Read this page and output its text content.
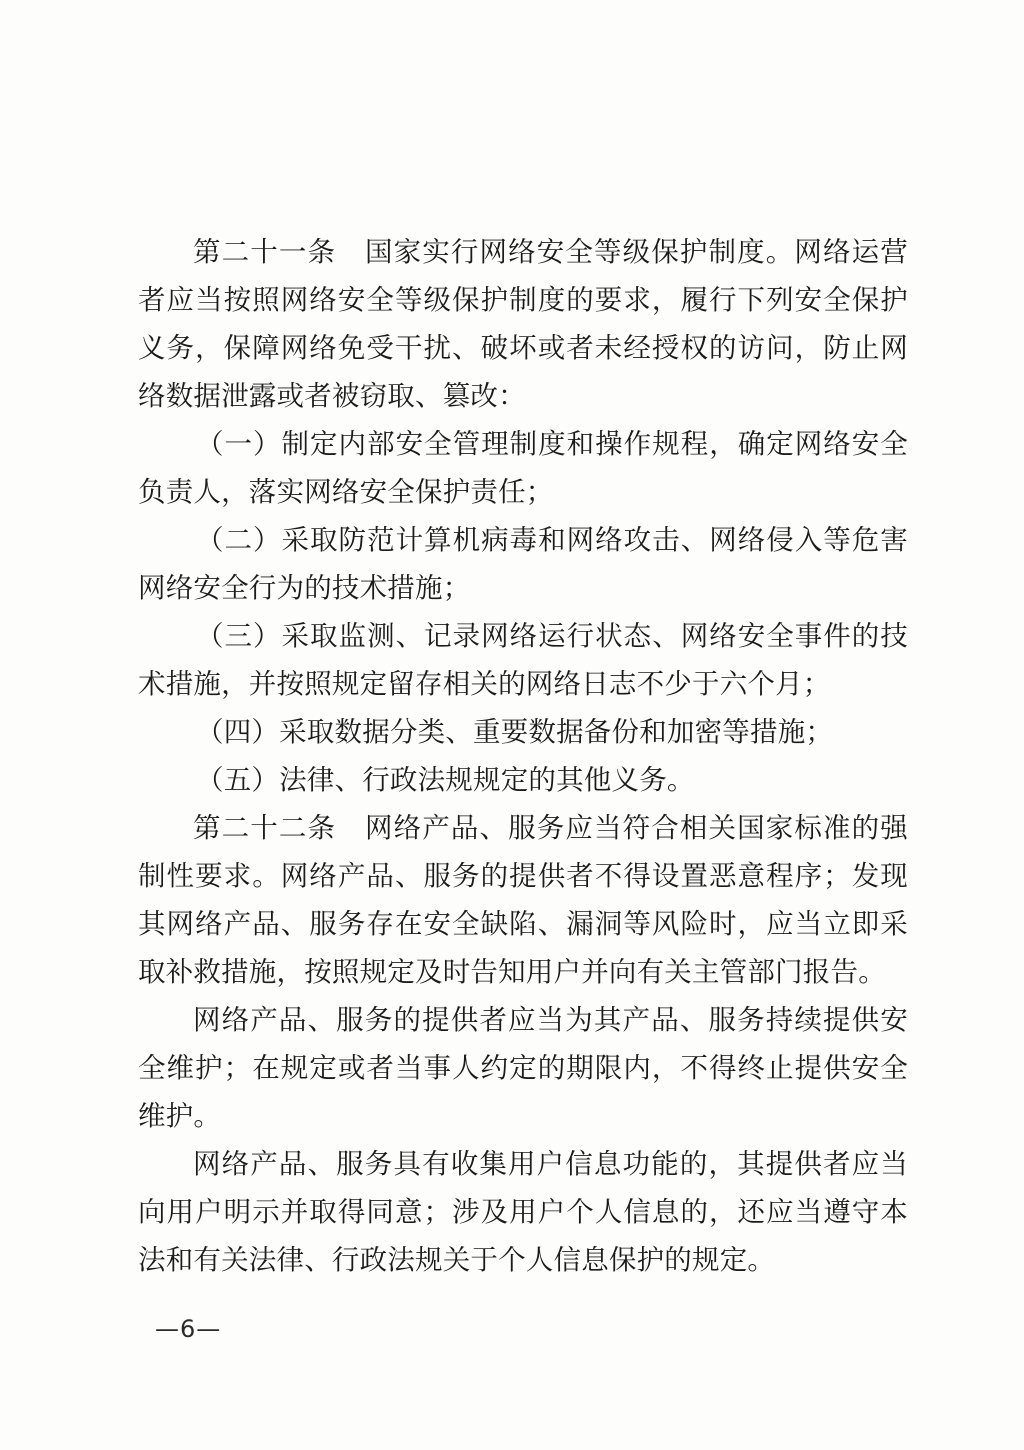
第二十一条 国家实行网络安全等级保护制度。网络运营者应当按照网络安全等级保护制度的要求，履行下列安全保护义务，保障网络免受干扰、破坏或者未经授权的访问，防止网络数据泄露或者被窃取、篡改：

（一）制定内部安全管理制度和操作规程，确定网络安全负责人，落实网络安全保护责任；

（二）采取防范计算机病毒和网络攻击、网络侵入等危害网络安全行为的技术措施；

（三）采取监测、记录网络运行状态、网络安全事件的技术措施，并按照规定留存相关的网络日志不少于六个月；

（四）采取数据分类、重要数据备份和加密等措施；

（五）法律、行政法规规定的其他义务。

第二十二条 网络产品、服务应当符合相关国家标准的强制性要求。网络产品、服务的提供者不得设置恶意程序；发现其网络产品、服务存在安全缺陷、漏洞等风险时，应当立即采取补救措施，按照规定及时告知用户并向有关主管部门报告。

网络产品、服务的提供者应当为其产品、服务持续提供安全维护；在规定或者当事人约定的期限内，不得终止提供安全维护。

网络产品、服务具有收集用户信息功能的，其提供者应当向用户明示并取得同意；涉及用户个人信息的，还应当遵守本法和有关法律、行政法规关于个人信息保护的规定。

—6—
